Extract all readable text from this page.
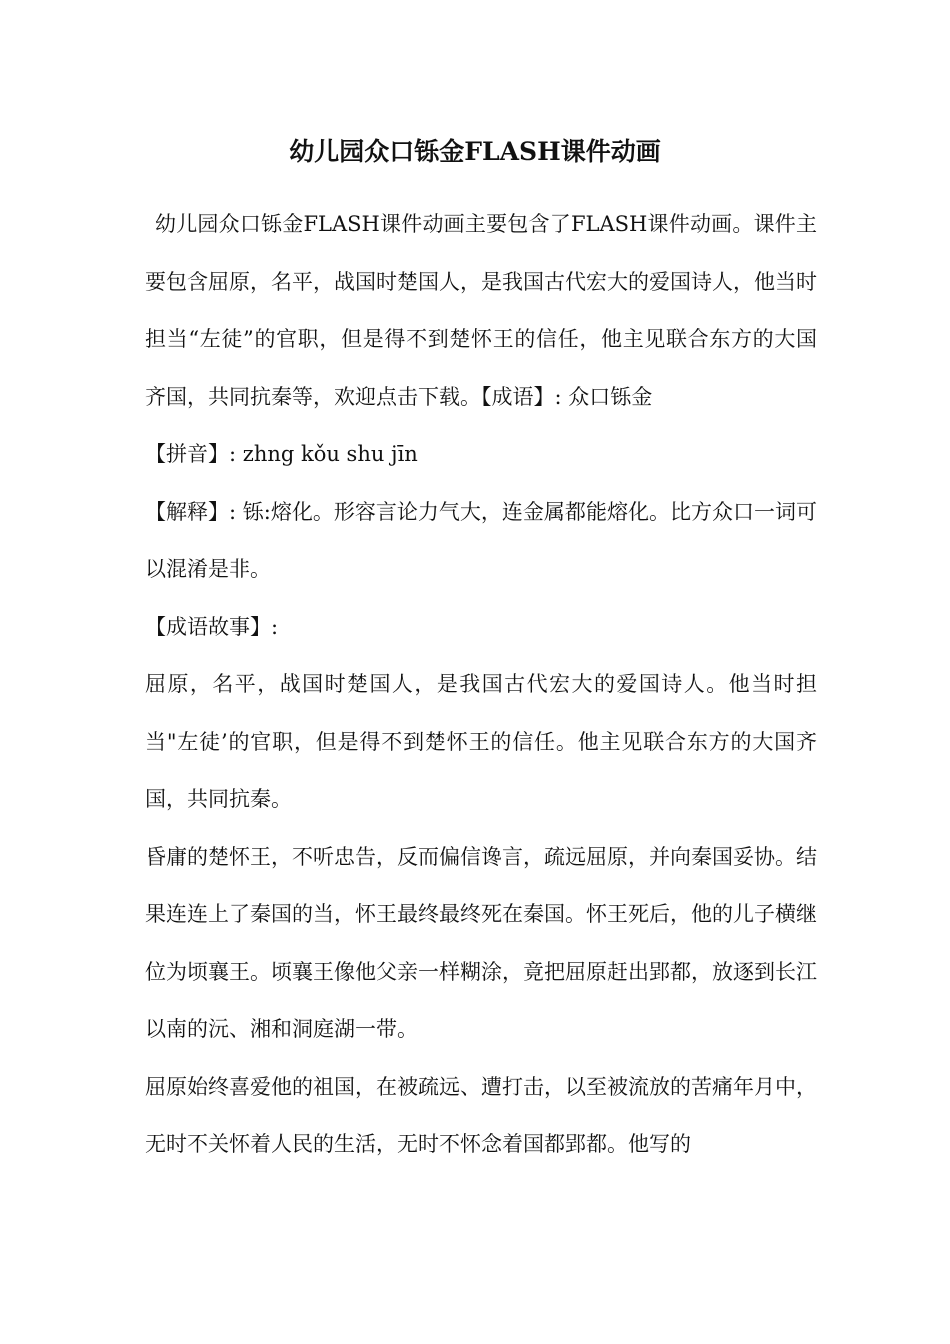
幼儿园众口铄金FLASH课件动画

幼儿园众口铄金FLASH课件动画主要包含了FLASH课件动画。课件主要包含屈原，名平，战国时楚国人，是我国古代宏大的爱国诗人，他当时担当“左徒”的官职，但是得不到楚怀王的信任，他主见联合东方的大国齐国，共同抗秦等，欢迎点击下载。【成语】: 众口铄金

【拼音】: zhng kǒu shu jīn

【解释】: 铄:熔化。形容言论力气大，连金属都能熔化。比方众口一词可以混淆是非。

【成语故事】:

屈原，名平，战国时楚国人，是我国古代宏大的爱国诗人。他当时担当"左徒’的官职，但是得不到楚怀王的信任。他主见联合东方的大国齐国，共同抗秦。

昏庸的楚怀王，不听忠告，反而偏信谗言，疏远屈原，并向秦国妥协。结果连连上了秦国的当，怀王最终最终死在秦国。怀王死后，他的儿子横继位为顷襄王。顷襄王像他父亲一样糊涂，竟把屈原赶出郢都，放逐到长江以南的沅、湘和洞庭湖一带。

屈原始终喜爱他的祖国，在被疏远、遭打击，以至被流放的苦痛年月中，无时不关怀着人民的生活，无时不怀念着国都郢都。他写的
